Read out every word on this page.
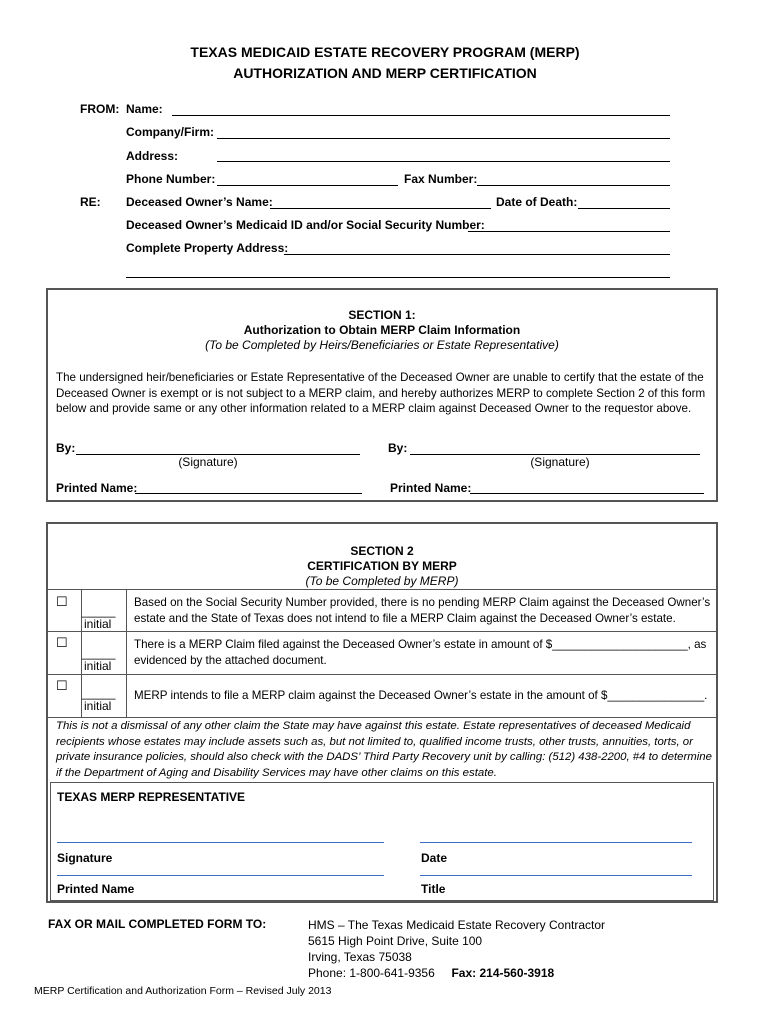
TEXAS MEDICAID ESTATE RECOVERY PROGRAM (MERP)
AUTHORIZATION AND MERP CERTIFICATION
FROM: Name:
Company/Firm:
Address:
Phone Number:	Fax Number:
RE: Deceased Owner’s Name:	Date of Death:
Deceased Owner’s Medicaid ID and/or Social Security Number:
Complete Property Address:
SECTION 1:
Authorization to Obtain MERP Claim Information
(To be Completed by Heirs/Beneficiaries or Estate Representative)
The undersigned heir/beneficiaries or Estate Representative of the Deceased Owner are unable to certify that the estate of the
Deceased Owner is exempt or is not subject to a MERP claim, and hereby authorizes MERP to complete Section 2 of this form
below and provide same or any other information related to a MERP claim against Deceased Owner to the requestor above.
By:
(Signature)
By:
(Signature)
Printed Name:	Printed Name:
SECTION 2
CERTIFICATION BY MERP
(To be Completed by MERP)
☐
_____
initial
Based on the Social Security Number provided, there is no pending MERP Claim against the Deceased Owner’s
estate and the State of Texas does not intend to file a MERP Claim against the Deceased Owner’s estate.
☐
_____
initial
There is a MERP Claim filed against the Deceased Owner’s estate in amount of $_____________________, as
evidenced by the attached document.
☐ _____
initial
MERP intends to file a MERP claim against the Deceased Owner’s estate in the amount of $_______________.
This is not a dismissal of any other claim the State may have against this estate. Estate representatives of deceased Medicaid
recipients whose estates may include assets such as, but not limited to, qualified income trusts, other trusts, annuities, torts, or
private insurance policies, should also check with the DADS’ Third Party Recovery unit by calling: (512) 438-2200, #4 to determine
if the Department of Aging and Disability Services may have other claims on this estate.
TEXAS MERP REPRESENTATIVE
Signature	Date
Printed Name	Title
FAX OR MAIL COMPLETED FORM TO:	HMS – The Texas Medicaid Estate Recovery Contractor
5615 High Point Drive, Suite 100
Irving, Texas 75038
Phone: 1-800-641-9356 Fax: 214-560-3918
MERP Certification and Authorization Form – Revised July 2013
